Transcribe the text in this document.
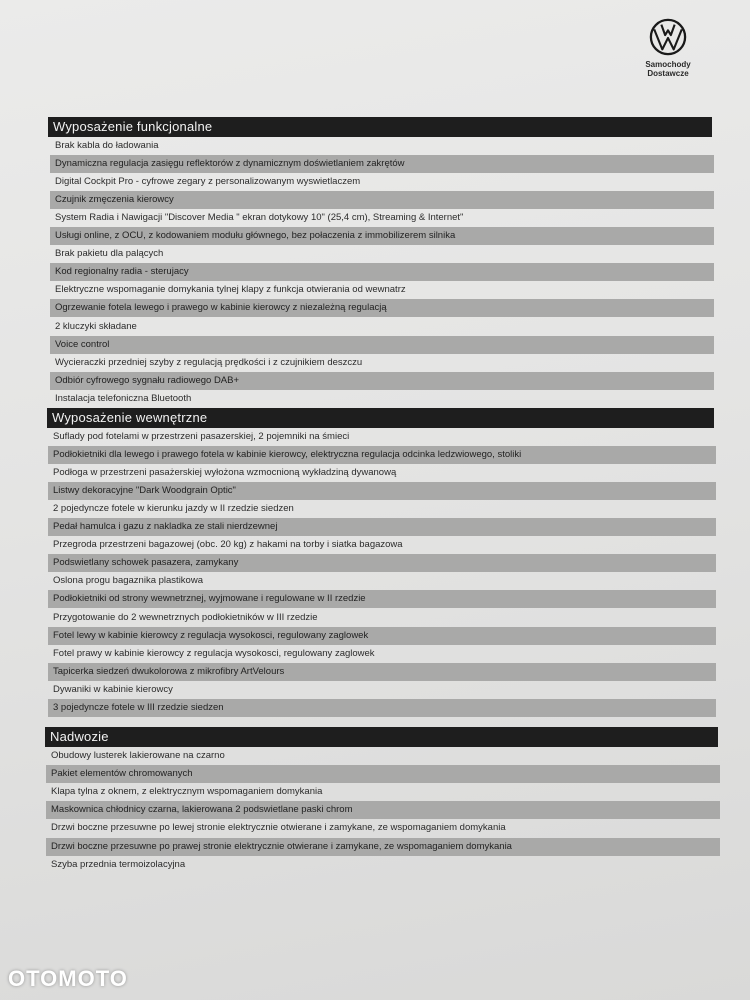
Samochody
Dostawcze
Wyposażenie funkcjonalne
Brak kabla do ładowania
Dynamiczna regulacja zasięgu reflektorów z dynamicznym doświetlaniem zakrętów
Digital Cockpit Pro - cyfrowe zegary z personalizowanym wyswietlaczem
Czujnik zmęczenia kierowcy
System Radia i Nawigacji "Discover Media " ekran dotykowy 10" (25,4 cm), Streaming & Internet"
Usługi online, z OCU, z kodowaniem modułu głównego, bez połaczenia z immobilizerem silnika
Brak pakietu dla palących
Kod regionalny radia - sterujacy
Elektryczne wspomaganie domykania tylnej klapy z funkcja otwierania od wewnatrz
Ogrzewanie fotela lewego i prawego w kabinie kierowcy z niezależną regulacją
2 kluczyki składane
Voice control
Wycieraczki przedniej szyby z regulacją prędkości i z czujnikiem deszczu
Odbiór cyfrowego sygnału radiowego DAB+
Instalacja telefoniczna Bluetooth
Wyposażenie wewnętrzne
Suflady pod fotelami w przestrzeni pasazerskiej, 2 pojemniki na śmieci
Podłokietniki dla lewego i prawego fotela w kabinie kierowcy, elektryczna regulacja odcinka ledzwiowego, stoliki
Podłoga w przestrzeni pasażerskiej wyłożona wzmocnioną wykładziną dywanową
Listwy dekoracyjne "Dark Woodgrain Optic"
2 pojedyncze fotele w kierunku jazdy w II rzedzie siedzen
Pedał hamulca i gazu z nakladka ze stali nierdzewnej
Przegroda przestrzeni bagazowej (obc. 20 kg) z hakami na torby i siatka bagazowa
Podswietlany schowek pasazera, zamykany
Oslona progu bagaznika plastikowa
Podłokietniki od strony wewnetrznej, wyjmowane i regulowane w II rzedzie
Przygotowanie do 2 wewnetrznych podłokietników w III rzedzie
Fotel lewy w kabinie kierowcy z regulacja wysokosci, regulowany zaglowek
Fotel prawy w kabinie kierowcy z regulacja wysokosci, regulowany zaglowek
Tapicerka siedzeń dwukolorowa z mikrofibry ArtVelours
Dywaniki w kabinie kierowcy
3 pojedyncze fotele w III rzedzie siedzen
Nadwozie
Obudowy lusterek lakierowane na czarno
Pakiet elementów chromowanych
Klapa tylna z oknem, z elektrycznym wspomaganiem domykania
Maskownica chłodnicy czarna, lakierowana 2 podswietlane paski chrom
Drzwi boczne przesuwne po lewej stronie elektrycznie otwierane i zamykane, ze wspomaganiem domykania
Drzwi boczne przesuwne po prawej stronie elektrycznie otwierane i zamykane, ze wspomaganiem domykania
Szyba przednia termoizolacyjna
OTOMOTO
